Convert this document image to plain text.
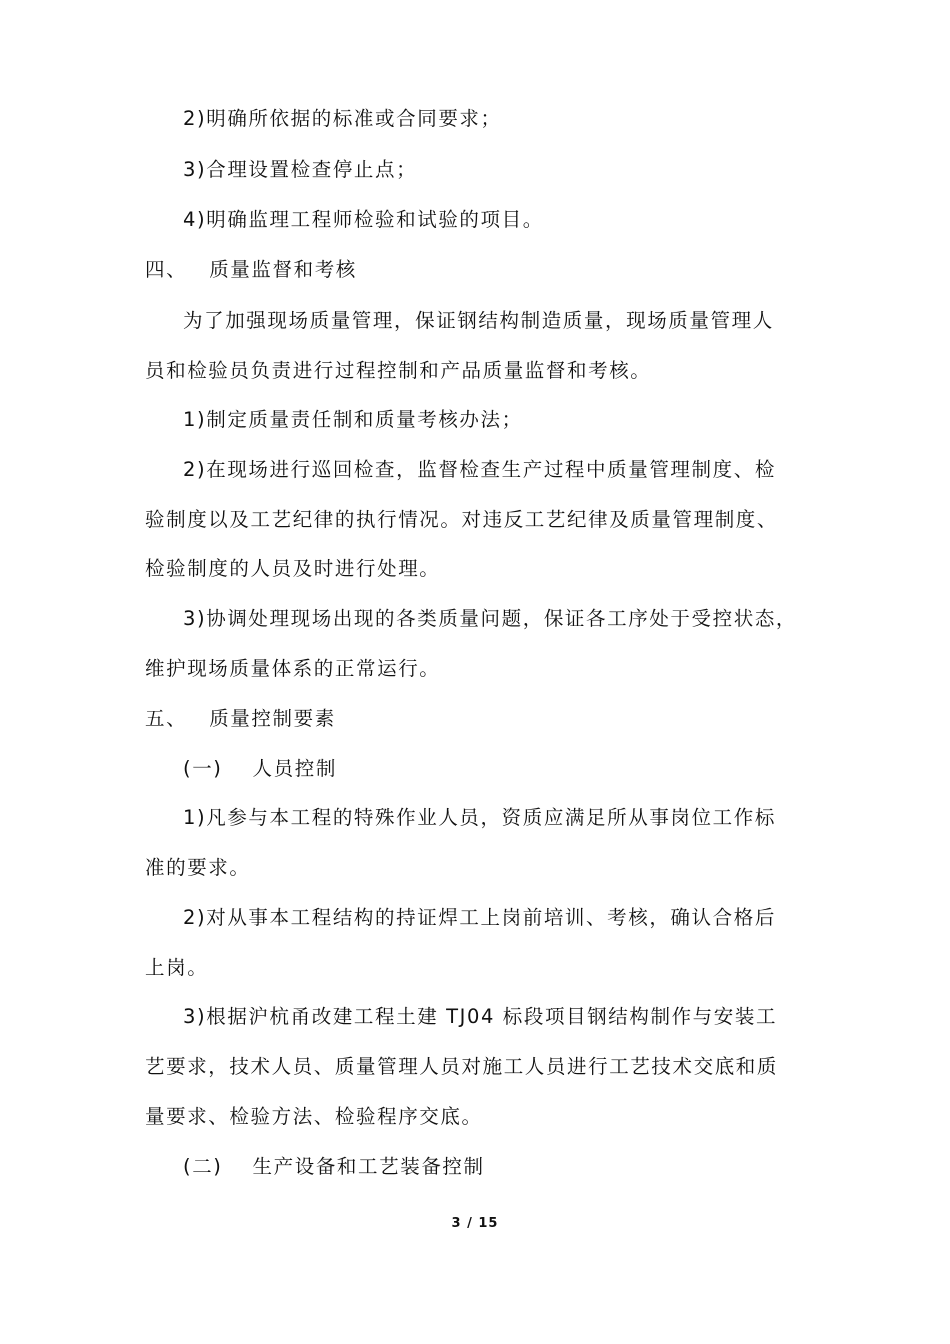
2)明确所依据的标准或合同要求；
3)合理设置检查停止点；
4)明确监理工程师检验和试验的项目。
四、 质量监督和考核
为了加强现场质量管理，保证钢结构制造质量，现场质量管理人
员和检验员负责进行过程控制和产品质量监督和考核。
1)制定质量责任制和质量考核办法；
2)在现场进行巡回检查，监督检查生产过程中质量管理制度、检
验制度以及工艺纪律的执行情况。对违反工艺纪律及质量管理制度、
检验制度的人员及时进行处理。
3)协调处理现场出现的各类质量问题，保证各工序处于受控状态，
维护现场质量体系的正常运行。
五、 质量控制要素
(一) 人员控制
1)凡参与本工程的特殊作业人员，资质应满足所从事岗位工作标
准的要求。
2)对从事本工程结构的持证焊工上岗前培训、考核，确认合格后
上岗。
3)根据沪杭甬改建工程土建 TJ04 标段项目钢结构制作与安装工
艺要求，技术人员、质量管理人员对施工人员进行工艺技术交底和质
量要求、检验方法、检验程序交底。
(二) 生产设备和工艺装备控制
3 / 15
